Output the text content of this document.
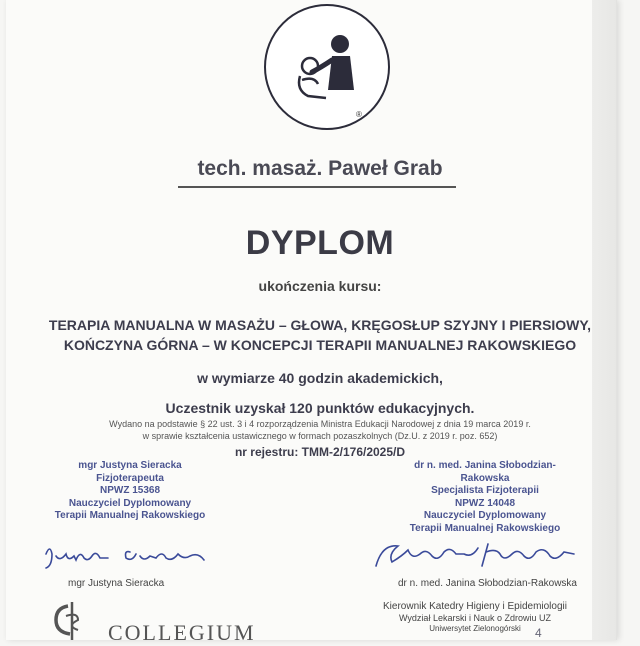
®
tech. masaż. Paweł Grab
DYPLOM
ukończenia kursu:
TERAPIA MANUALNA W MASAŻU – GŁOWA, KRĘGOSŁUP SZYJNY I PIERSIOWY,
KOŃCZYNA GÓRNA – W KONCEPCJI TERAPII MANUALNEJ RAKOWSKIEGO
w wymiarze 40 godzin akademickich,
Uczestnik uzyskał 120 punktów edukacyjnych.
Wydano na podstawie § 22 ust. 3 i 4 rozporządzenia Ministra Edukacji Narodowej z dnia 19 marca 2019 r.
w sprawie kształcenia ustawicznego w formach pozaszkolnych (Dz.U. z 2019 r. poz. 652)
nr rejestru: TMM-2/176/2025/D
mgr Justyna Sieracka
Fizjoterapeuta
NPWZ 15368
Nauczyciel Dyplomowany
Terapii Manualnej Rakowskiego
dr n. med. Janina Słobodzian-Rakowska
Specjalista Fizjoterapii
NPWZ 14048
Nauczyciel Dyplomowany
Terapii Manualnej Rakowskiego
mgr Justyna Sieracka	dr n. med. Janina Słobodzian-Rakowska
Kierownik Katedry Higieny i Epidemiologii
Wydział Lekarski i Nauk o Zdrowiu UZ
Uniwersytet Zielonogórski
COLLEGIUM	4
